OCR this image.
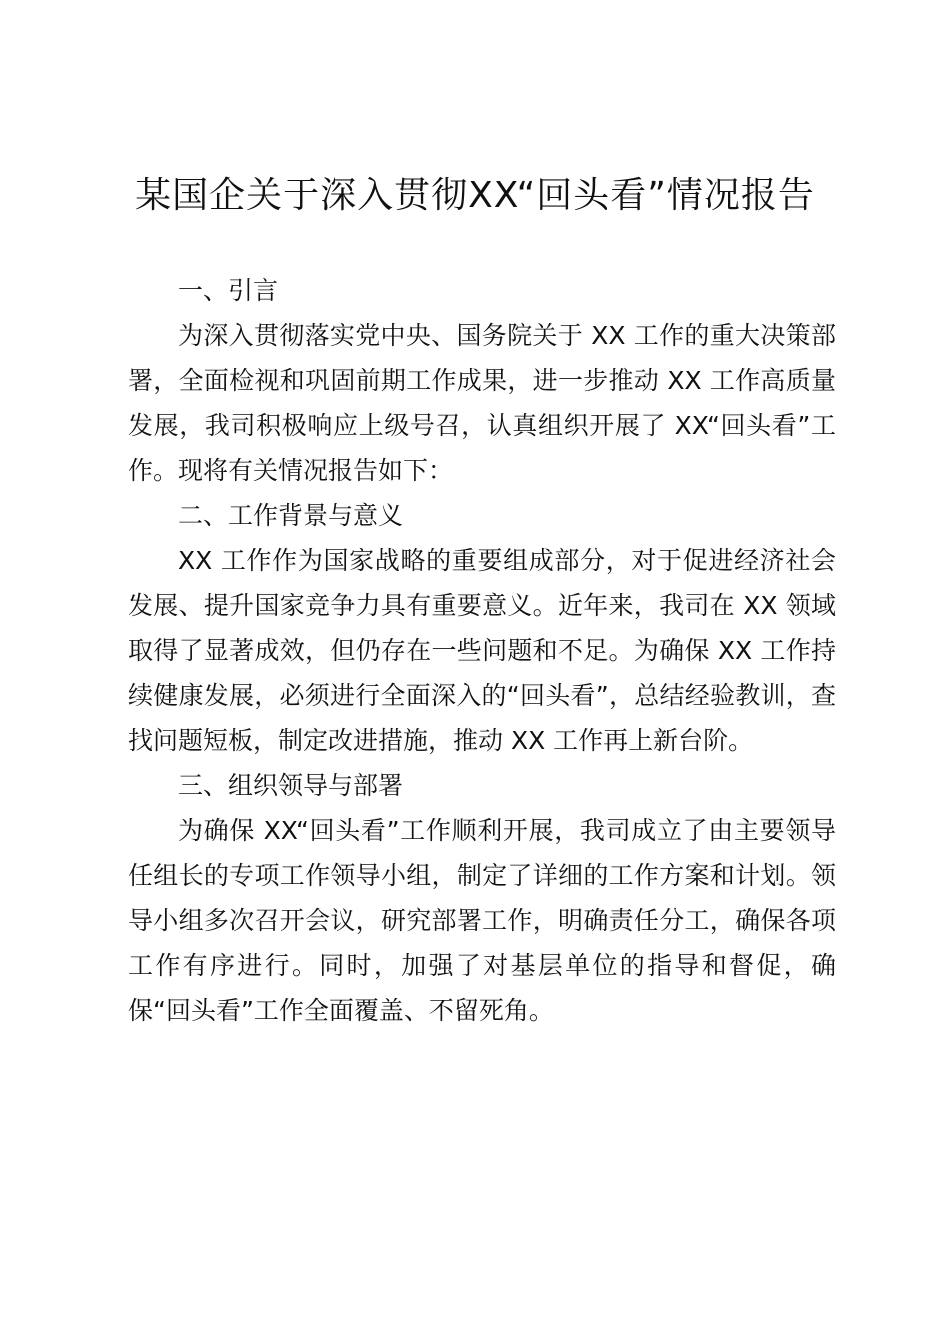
某国企关于深入贯彻XX“回头看”情况报告

一、引言

为深入贯彻落实党中央、国务院关于 XX 工作的重大决策部署，全面检视和巩固前期工作成果，进一步推动 XX 工作高质量发展，我司积极响应上级号召，认真组织开展了 XX“回头看”工作。现将有关情况报告如下：

二、工作背景与意义

XX 工作作为国家战略的重要组成部分，对于促进经济社会发展、提升国家竞争力具有重要意义。近年来，我司在 XX 领域取得了显著成效，但仍存在一些问题和不足。为确保 XX 工作持续健康发展，必须进行全面深入的“回头看”，总结经验教训，查找问题短板，制定改进措施，推动 XX 工作再上新台阶。

三、组织领导与部署

为确保 XX“回头看”工作顺利开展，我司成立了由主要领导任组长的专项工作领导小组，制定了详细的工作方案和计划。领导小组多次召开会议，研究部署工作，明确责任分工，确保各项工作有序进行。同时，加强了对基层单位的指导和督促，确保“回头看”工作全面覆盖、不留死角。
